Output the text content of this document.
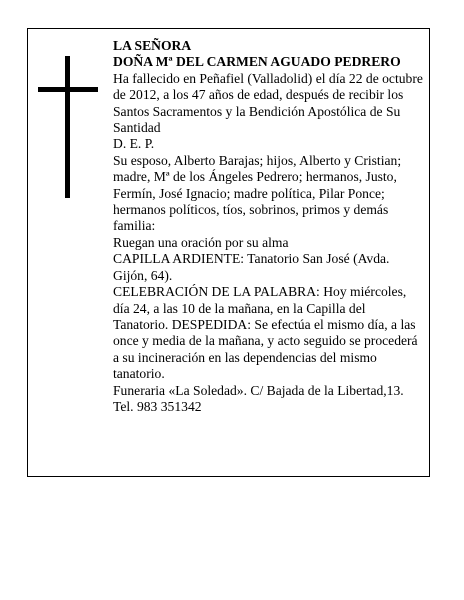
LA SEÑORA

DOÑA Mª DEL CARMEN AGUADO PEDRERO

Ha fallecido en Peñafiel (Valladolid) el día 22 de octubre de 2012, a los 47 años de edad, después de recibir los Santos Sacramentos y la Bendición Apostólica de Su Santidad

D. E. P.

Su esposo, Alberto Barajas; hijos, Alberto y Cristian; madre, Mª de los Ángeles Pedrero; hermanos, Justo, Fermín, José Ignacio; madre política, Pilar Ponce; hermanos políticos, tíos, sobrinos, primos y demás familia:

Ruegan una oración por su alma

CAPILLA ARDIENTE: Tanatorio San José (Avda. Gijón, 64).

CELEBRACIÓN DE LA PALABRA: Hoy miércoles, día 24, a las 10 de la mañana, en la Capilla del Tanatorio. DESPEDIDA: Se efectúa el mismo día, a las once y media de la mañana, y acto seguido se procederá a su incineración en las dependencias del mismo tanatorio.

Funeraria «La Soledad». C/ Bajada de la Libertad,13. Tel. 983 351342
